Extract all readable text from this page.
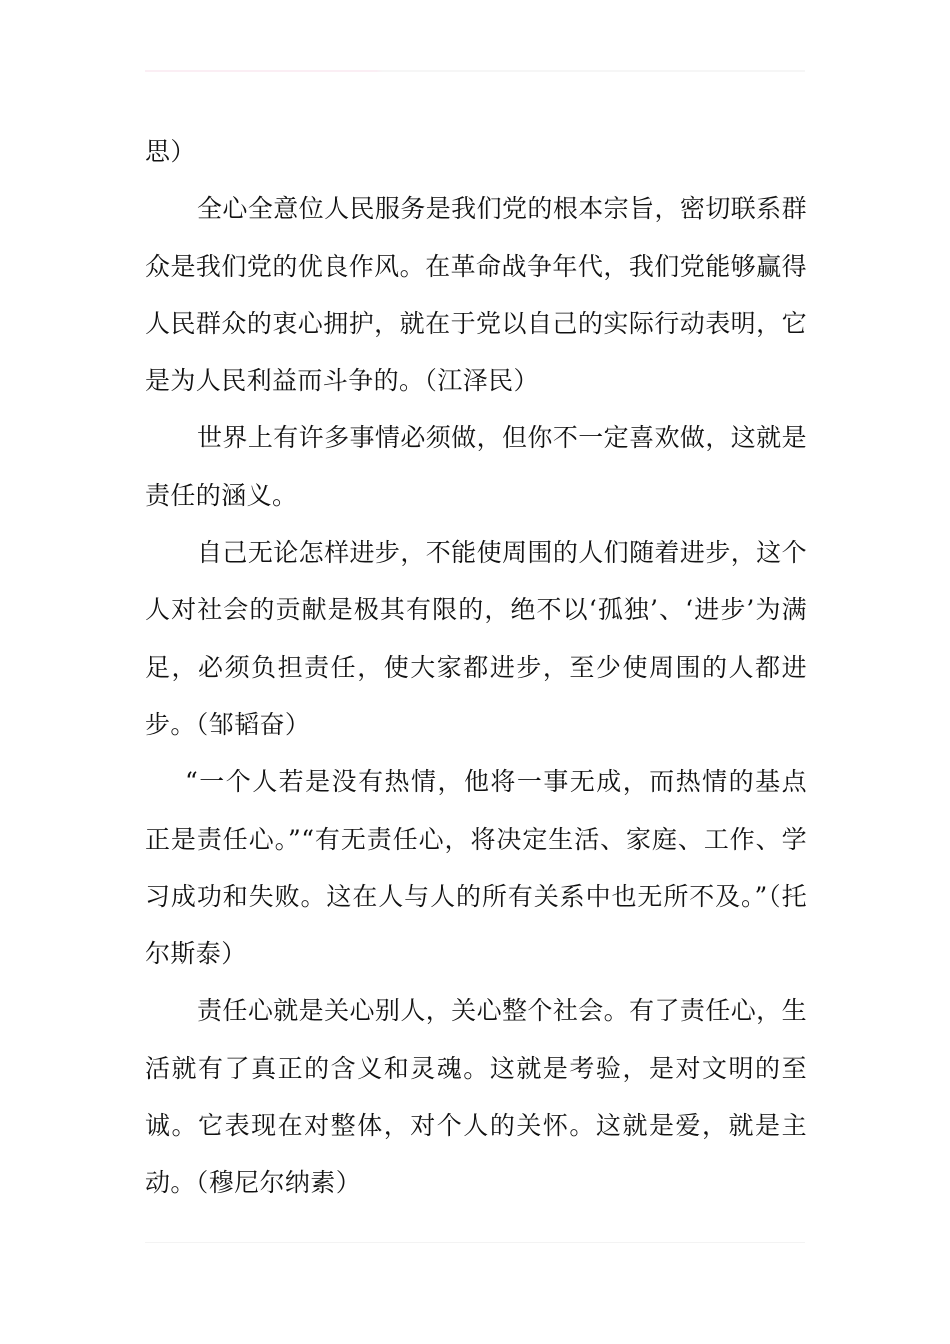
思）

全心全意位人民服务是我们党的根本宗旨，密切联系群众是我们党的优良作风。在革命战争年代，我们党能够赢得人民群众的衷心拥护，就在于党以自己的实际行动表明，它是为人民利益而斗争的。（江泽民）

世界上有许多事情必须做，但你不一定喜欢做，这就是责任的涵义。

自己无论怎样进步，不能使周围的人们随着进步，这个人对社会的贡献是极其有限的，绝不以‘孤独’、‘进步’为满足，必须负担责任，使大家都进步，至少使周围的人都进步。（邹韬奋）

“一个人若是没有热情，他将一事无成，而热情的基点正是责任心。”“有无责任心，将决定生活、家庭、工作、学习成功和失败。这在人与人的所有关系中也无所不及。”（托尔斯泰）

责任心就是关心别人，关心整个社会。有了责任心，生活就有了真正的含义和灵魂。这就是考验，是对文明的至诚。它表现在对整体，对个人的关怀。这就是爱，就是主动。（穆尼尔纳素）
